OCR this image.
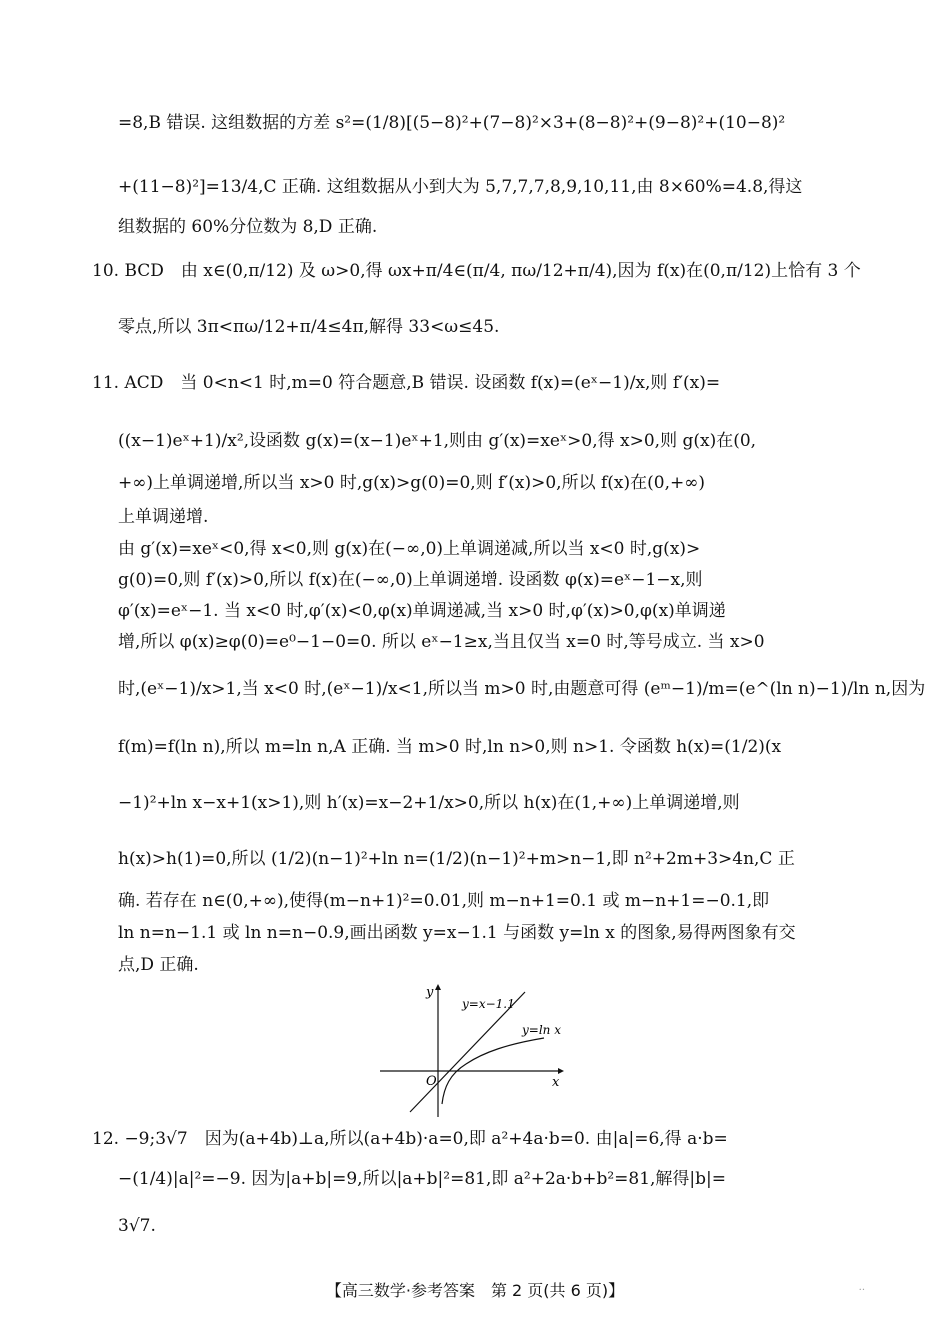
=8,B 错误. 这组数据的方差 s²=(1/8)[(5−8)²+(7−8)²×3+(8−8)²+(9−8)²+(10−8)²
+(11−8)²]=13/4,C 正确. 这组数据从小到大为 5,7,7,7,8,9,10,11,由 8×60%=4.8,得这
组数据的 60%分位数为 8,D 正确.
10. BCD　由 x∈(0,π/12) 及 ω>0,得 ωx+π/4∈(π/4, πω/12+π/4),因为 f(x)在(0,π/12)上恰有 3 个
零点,所以 3π<πω/12+π/4≤4π,解得 33<ω≤45.
11. ACD　当 0<n<1 时,m=0 符合题意,B 错误. 设函数 f(x)=(eˣ−1)/x,则 f′(x)=
((x−1)eˣ+1)/x²,设函数 g(x)=(x−1)eˣ+1,则由 g′(x)=xeˣ>0,得 x>0,则 g(x)在(0,
+∞)上单调递增,所以当 x>0 时,g(x)>g(0)=0,则 f′(x)>0,所以 f(x)在(0,+∞)
上单调递增.
由 g′(x)=xeˣ<0,得 x<0,则 g(x)在(−∞,0)上单调递减,所以当 x<0 时,g(x)>
g(0)=0,则 f′(x)>0,所以 f(x)在(−∞,0)上单调递增. 设函数 φ(x)=eˣ−1−x,则
φ′(x)=eˣ−1. 当 x<0 时,φ′(x)<0,φ(x)单调递减,当 x>0 时,φ′(x)>0,φ(x)单调递
增,所以 φ(x)≥φ(0)=e⁰−1−0=0. 所以 eˣ−1≥x,当且仅当 x=0 时,等号成立. 当 x>0
时,(eˣ−1)/x>1,当 x<0 时,(eˣ−1)/x<1,所以当 m>0 时,由题意可得 (eᵐ−1)/m=(e^(ln n)−1)/ln n,因为
f(m)=f(ln n),所以 m=ln n,A 正确. 当 m>0 时,ln n>0,则 n>1. 令函数 h(x)=(1/2)(x
−1)²+ln x−x+1(x>1),则 h′(x)=x−2+1/x>0,所以 h(x)在(1,+∞)上单调递增,则
h(x)>h(1)=0,所以 (1/2)(n−1)²+ln n=(1/2)(n−1)²+m>n−1,即 n²+2m+3>4n,C 正
确. 若存在 n∈(0,+∞),使得(m−n+1)²=0.01,则 m−n+1=0.1 或 m−n+1=−0.1,即
ln n=n−1.1 或 ln n=n−0.9,画出函数 y=x−1.1 与函数 y=ln x 的图象,易得两图象有交
点,D 正确.
y
x
O
y=x−1.1
y=ln x
12. −9;3√7　因为(a+4b)⊥a,所以(a+4b)·a=0,即 a²+4a·b=0. 由|a|=6,得 a·b=
−(1/4)|a|²=−9. 因为|a+b|=9,所以|a+b|²=81,即 a²+2a·b+b²=81,解得|b|=
3√7.
【高三数学·参考答案　第 2 页(共 6 页)】	..
